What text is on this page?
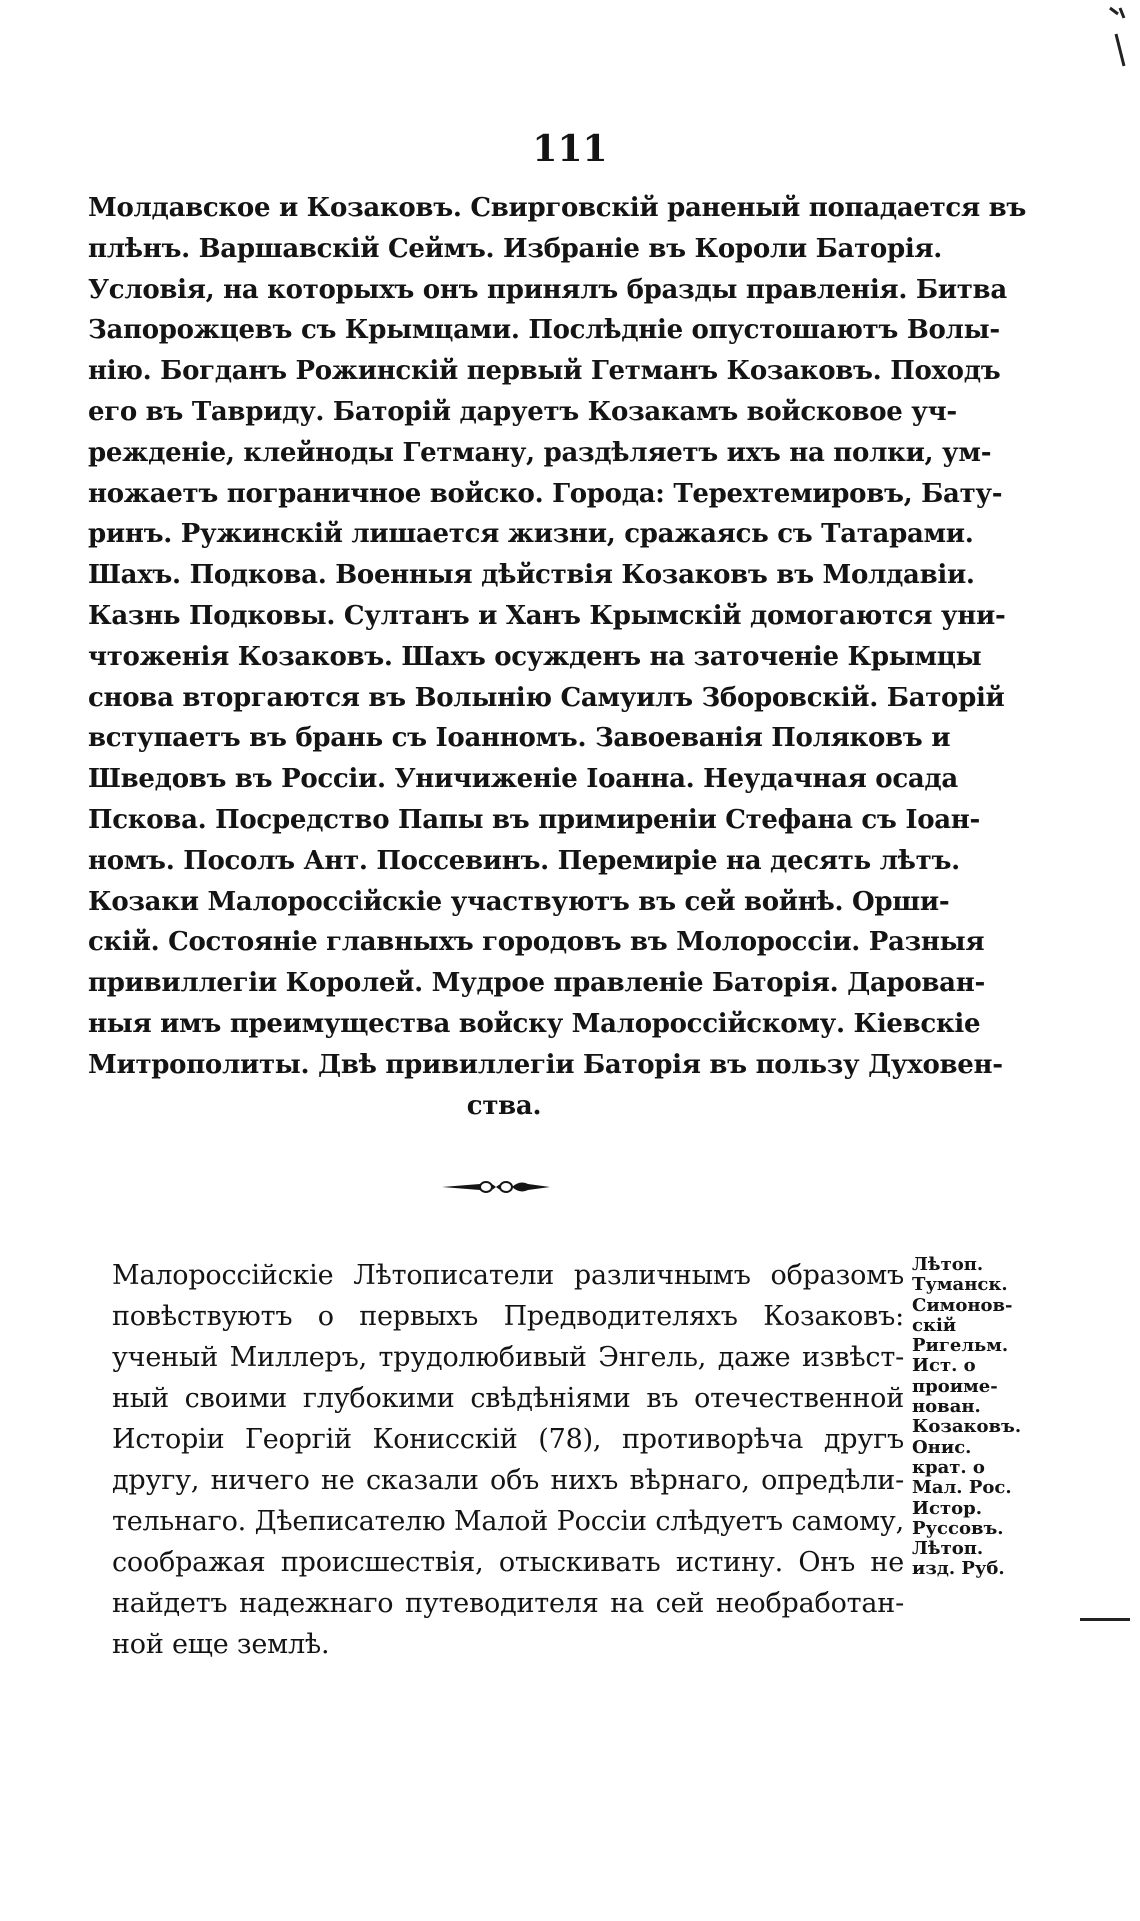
111
Молдавское и Козаковъ. Свирговскій раненый попадается въ
плѣнъ. Варшавскій Сеймъ. Избраніе въ Короли Баторія.
Условія, на которыхъ онъ принялъ бразды правленія. Битва
Запорожцевъ съ Крымцами. Послѣдніе опустошаютъ Волы-
нію. Богданъ Рожинскій первый Гетманъ Козаковъ. Походъ
его въ Тавриду. Баторій даруетъ Козакамъ войсковое уч-
режденіе, клейноды Гетману, раздѣляетъ ихъ на полки, ум-
ножаетъ пограничное войско. Города: Терехтемировъ, Бату-
ринъ. Ружинскій лишается жизни, сражаясь съ Татарами.
Шахъ. Подкова. Военныя дѣйствія Козаковъ въ Молдавіи.
Казнь Подковы. Султанъ и Ханъ Крымскій домогаются уни-
чтоженія Козаковъ. Шахъ осужденъ на заточеніе Крымцы
снова вторгаются въ Волынію Самуилъ Зборовскій. Баторій
вступаетъ въ брань съ Іоанномъ. Завоеванія Поляковъ и
Шведовъ въ Россіи. Уничиженіе Іоанна. Неудачная осада
Пскова. Посредство Папы въ примиреніи Стефана съ Іоан-
номъ. Посолъ Ант. Поссевинъ. Перемиріе на десять лѣтъ.
Козаки Малороссійскіе участвуютъ въ сей войнѣ. Орши-
скій. Состояніе главныхъ городовъ въ Молороссіи. Разныя
привиллегіи Королей. Мудрое правленіе Баторія. Дарован-
ныя имъ преимущества войску Малороссійскому. Кіевскіе
Митрополиты. Двѣ привиллегіи Баторія въ пользу Духовен-
ства.
Малороссійскіе Лѣтописатели различнымъ образомъ
повѣствуютъ о первыхъ Предводителяхъ Козаковъ:
ученый Миллеръ, трудолюбивый Энгель, даже извѣст-
ный своими глубокими свѣдѣніями въ отечественной
Исторіи Георгій Кониcскій (78), противорѣча другъ
другу, ничего не сказали объ нихъ вѣрнаго, опредѣли-
тельнаго. Дѣеписателю Малой Россіи слѣдуетъ самому,
соображая происшествія, отыскивать истину. Онъ не
найдетъ надежнаго путеводителя на сей необработан-
ной еще землѣ.
Лѣтоп.
Туманск.
Симонов-
скій
Ригельм.
Ист. о
проиме-
нован.
Козаковъ.
Онис.
крат. о
Мал. Рос.
Истор.
Руссовъ.
Лѣтоп.
изд. Руб.
